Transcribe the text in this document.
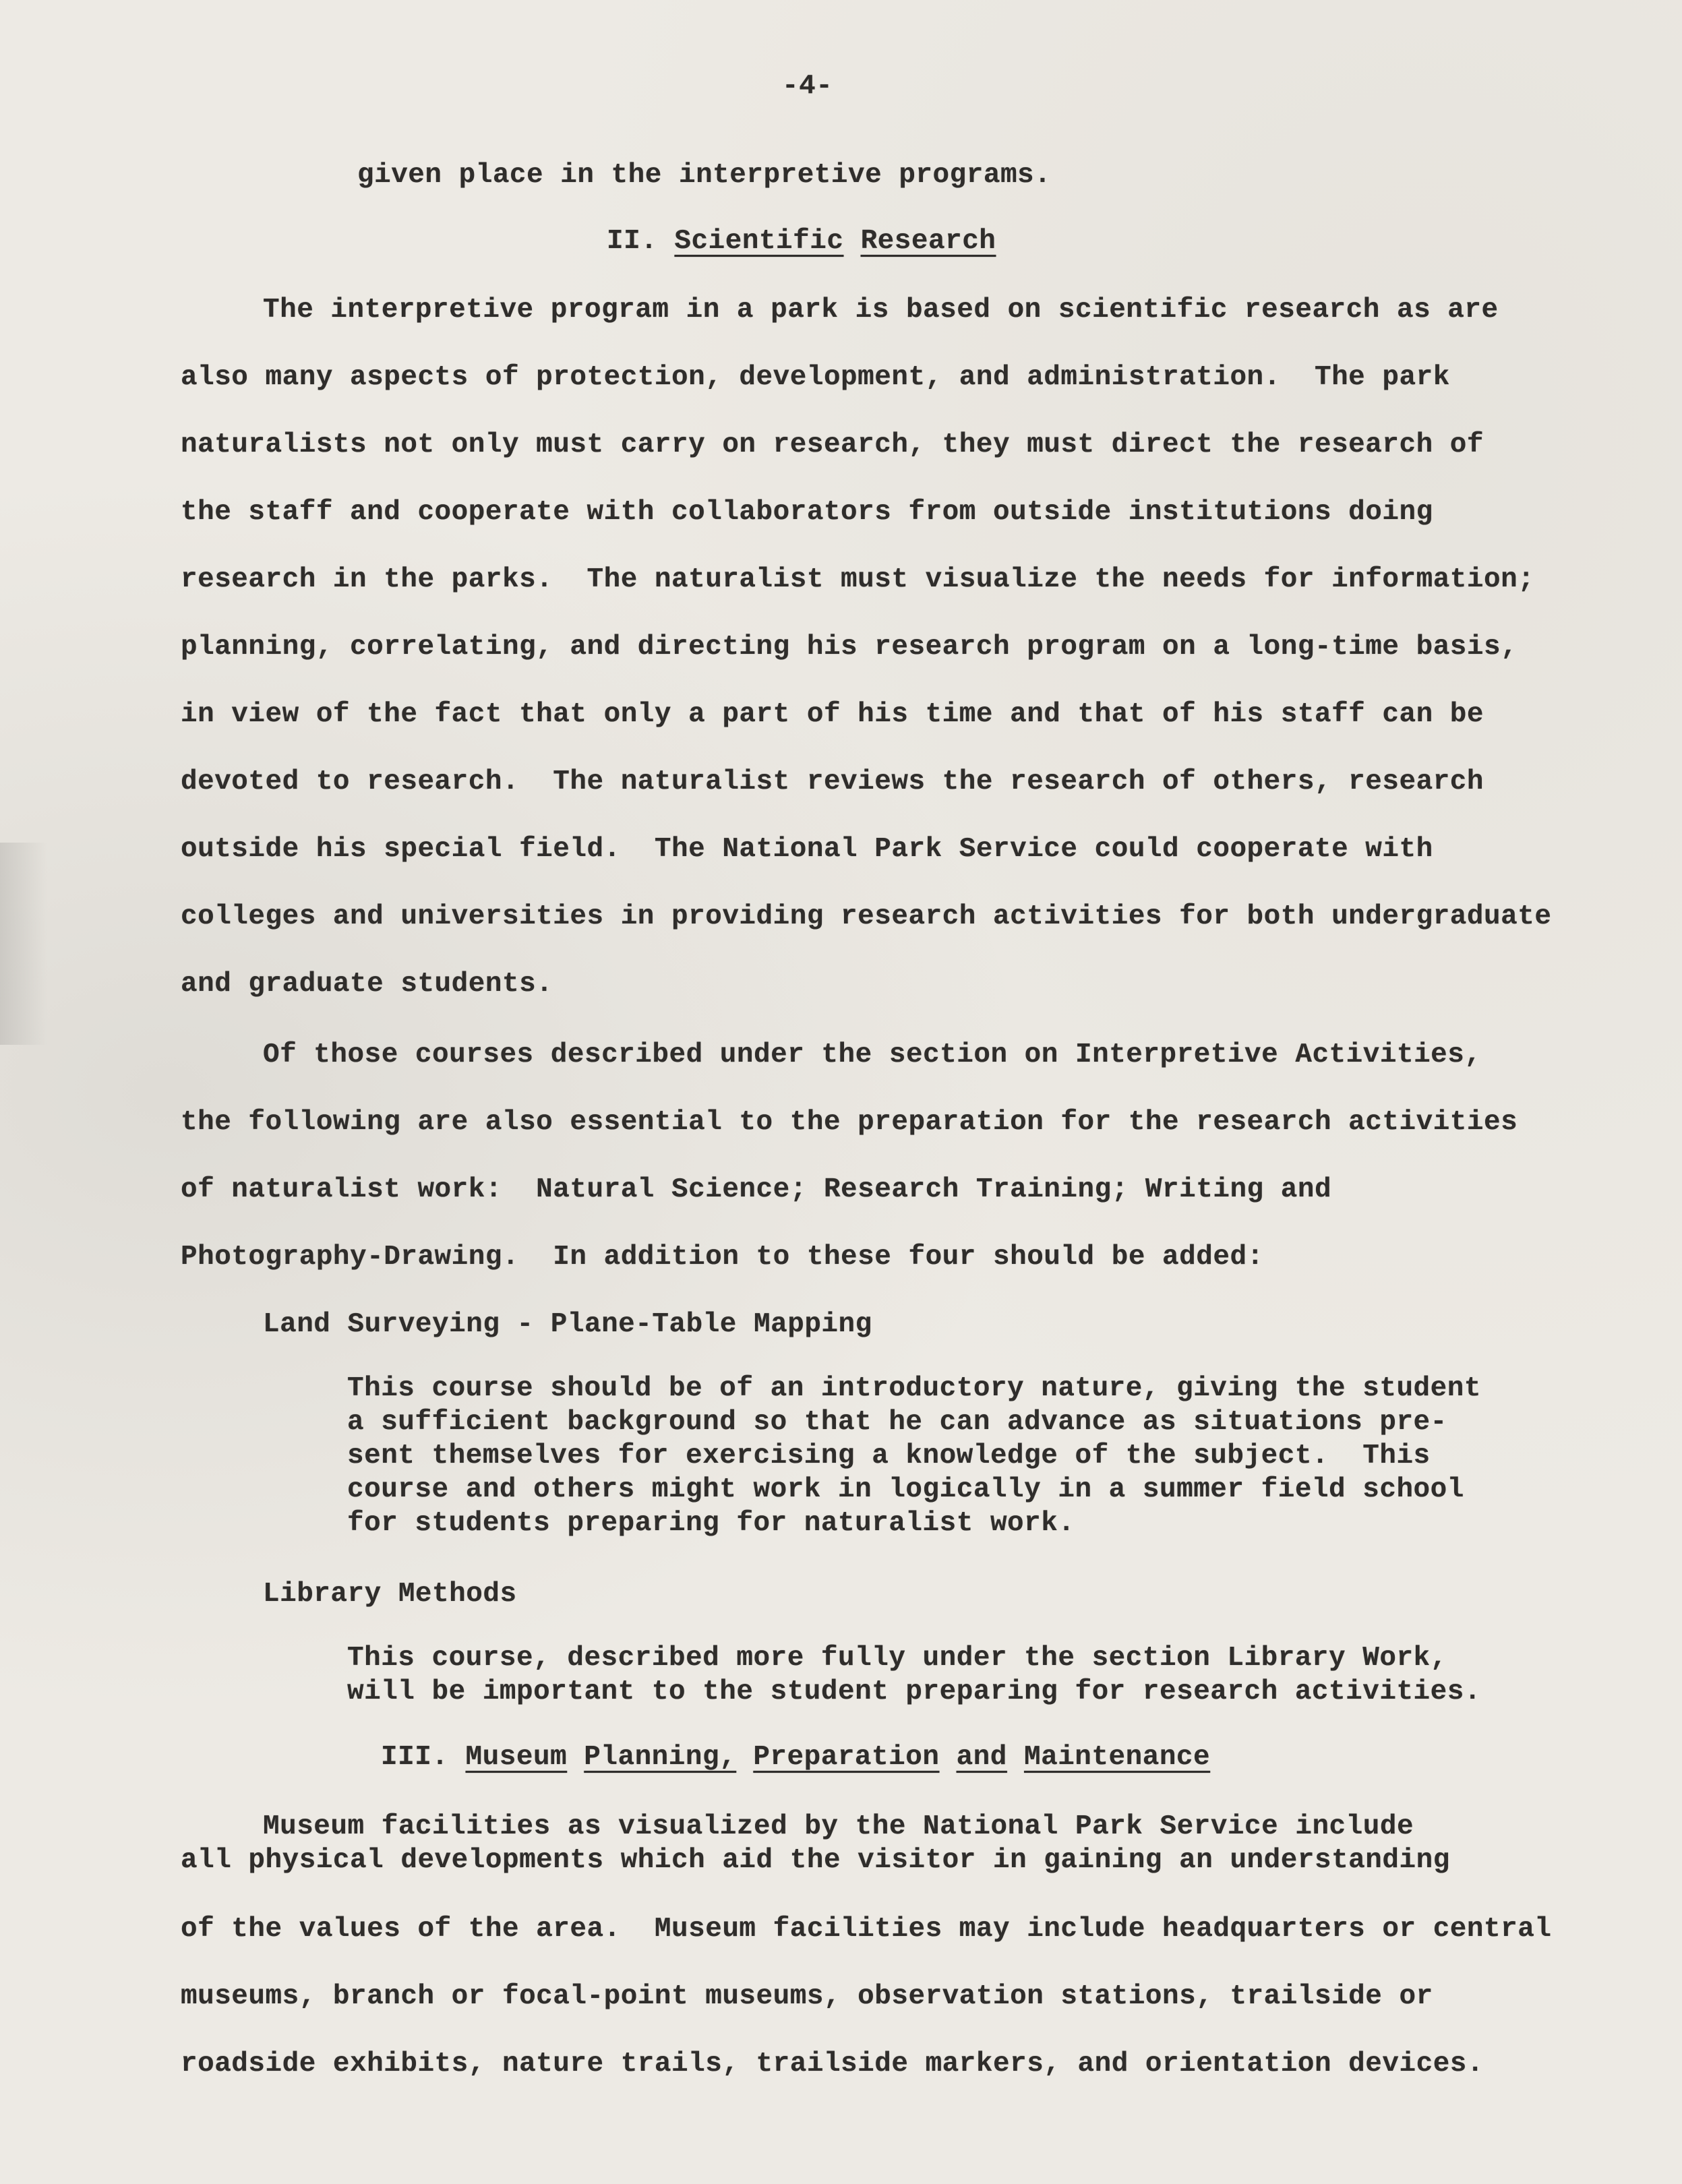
-4-
given place in the interpretive programs.
II. Scientific Research
The interpretive program in a park is based on scientific research as are
also many aspects of protection, development, and administration.  The park
naturalists not only must carry on research, they must direct the research of
the staff and cooperate with collaborators from outside institutions doing
research in the parks.  The naturalist must visualize the needs for information;
planning, correlating, and directing his research program on a long-time basis,
in view of the fact that only a part of his time and that of his staff can be
devoted to research.  The naturalist reviews the research of others, research
outside his special field.  The National Park Service could cooperate with
colleges and universities in providing research activities for both undergraduate
and graduate students.
Of those courses described under the section on Interpretive Activities,
the following are also essential to the preparation for the research activities
of naturalist work:  Natural Science; Research Training; Writing and
Photography-Drawing.  In addition to these four should be added:
Land Surveying - Plane-Table Mapping
This course should be of an introductory nature, giving the student
a sufficient background so that he can advance as situations pre-
sent themselves for exercising a knowledge of the subject.  This
course and others might work in logically in a summer field school
for students preparing for naturalist work.
Library Methods
This course, described more fully under the section Library Work,
will be important to the student preparing for research activities.
III. Museum Planning, Preparation and Maintenance
Museum facilities as visualized by the National Park Service include
all physical developments which aid the visitor in gaining an understanding
of the values of the area.  Museum facilities may include headquarters or central
museums, branch or focal-point museums, observation stations, trailside or
roadside exhibits, nature trails, trailside markers, and orientation devices.
